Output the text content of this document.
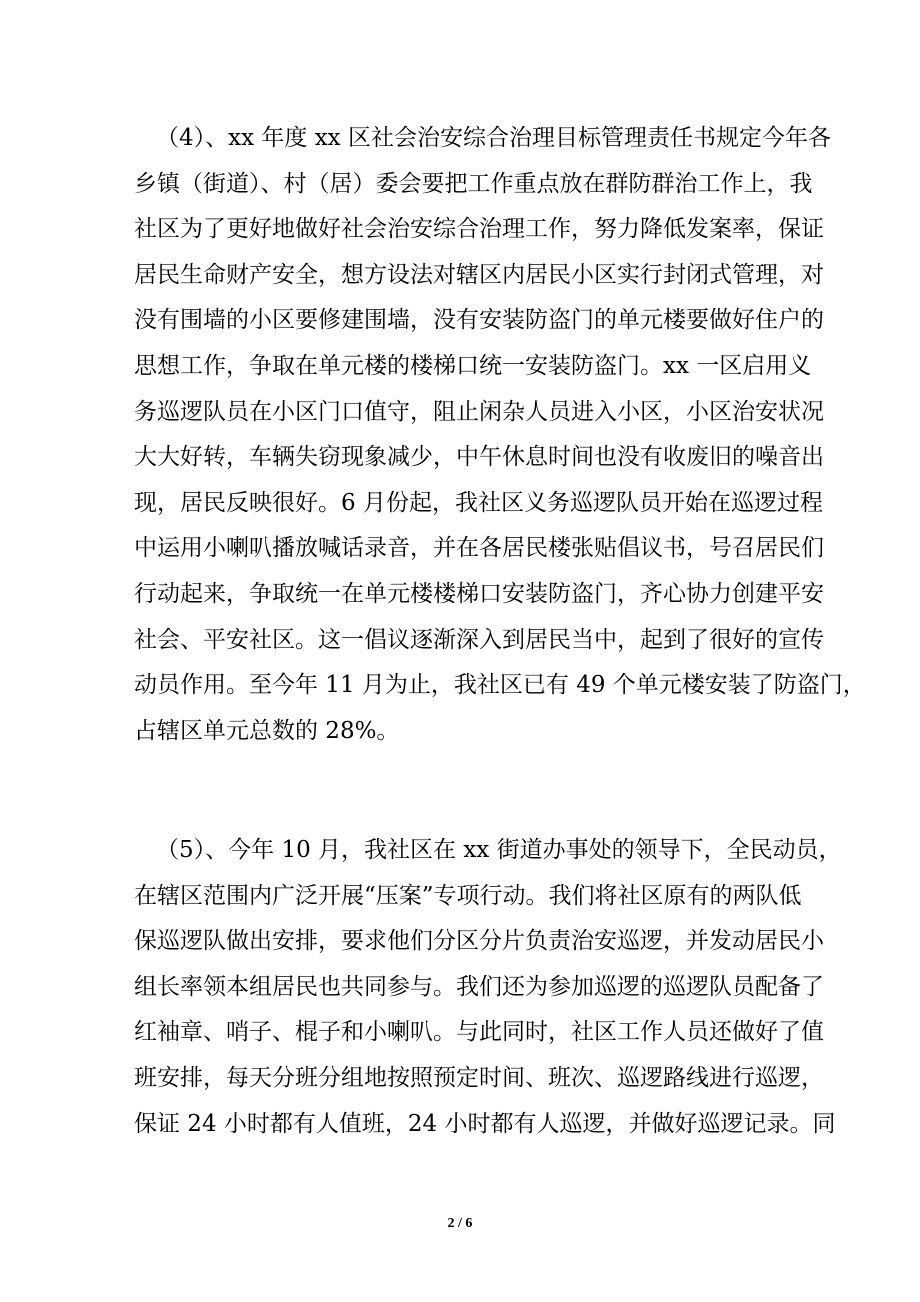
（4）、xx 年度 xx 区社会治安综合治理目标管理责任书规定今年各
乡镇（街道）、村（居）委会要把工作重点放在群防群治工作上，我
社区为了更好地做好社会治安综合治理工作，努力降低发案率，保证
居民生命财产安全，想方设法对辖区内居民小区实行封闭式管理，对
没有围墙的小区要修建围墙，没有安装防盗门的单元楼要做好住户的
思想工作，争取在单元楼的楼梯口统一安装防盗门。xx 一区启用义
务巡逻队员在小区门口值守，阻止闲杂人员进入小区，小区治安状况
大大好转，车辆失窃现象减少，中午休息时间也没有收废旧的噪音出
现，居民反映很好。6 月份起，我社区义务巡逻队员开始在巡逻过程
中运用小喇叭播放喊话录音，并在各居民楼张贴倡议书，号召居民们
行动起来，争取统一在单元楼楼梯口安装防盗门，齐心协力创建平安
社会、平安社区。这一倡议逐渐深入到居民当中，起到了很好的宣传
动员作用。至今年 11 月为止，我社区已有 49 个单元楼安装了防盗门，
占辖区单元总数的 28%。
（5）、今年 10 月，我社区在 xx 街道办事处的领导下，全民动员，
在辖区范围内广泛开展“压案”专项行动。我们将社区原有的两队低
保巡逻队做出安排，要求他们分区分片负责治安巡逻，并发动居民小
组长率领本组居民也共同参与。我们还为参加巡逻的巡逻队员配备了
红袖章、哨子、棍子和小喇叭。与此同时，社区工作人员还做好了值
班安排，每天分班分组地按照预定时间、班次、巡逻路线进行巡逻，
保证 24 小时都有人值班，24 小时都有人巡逻，并做好巡逻记录。同
2 / 6
